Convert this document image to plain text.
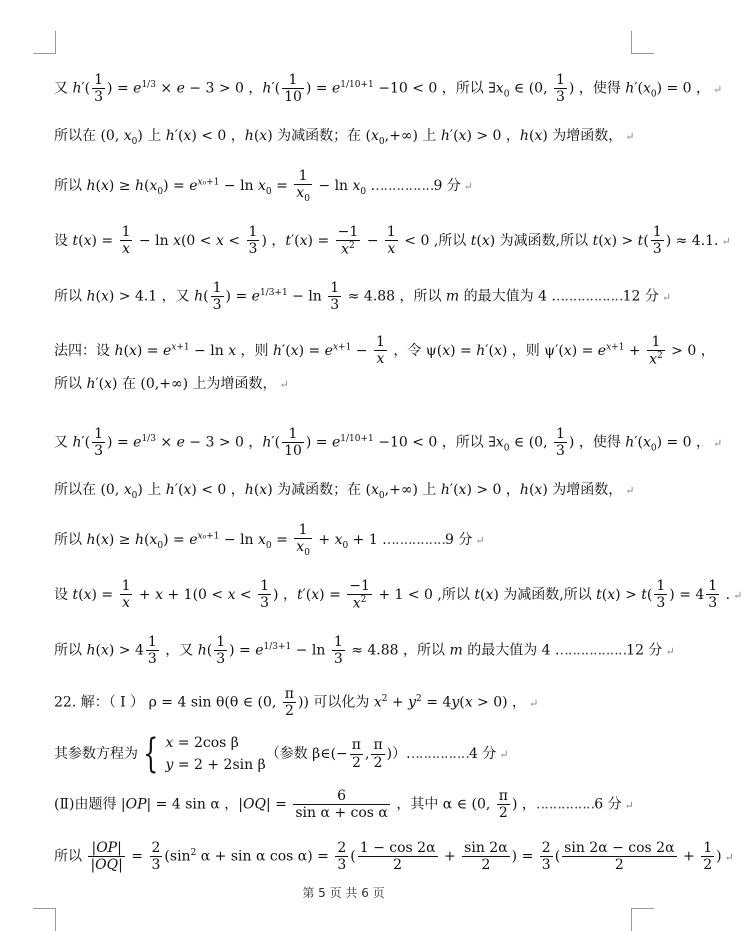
又 $h'( \frac{1}{3}$ ) = $e^{1/3} \times e - 3 > 0$ ，$h'( \frac{1}{10}$ ) = $e^{1/10+1} -10 < 0$ ，所以 $\exists x_0$ ∈ (0, $\frac{1}{3}$ ) ，使得 $h'(x_0) = 0$ ， ↵
所以在 (0, $x_0$) 上 h′(x) < 0 ，h(x) 为减函数；在 $(x_0,+\infty)$ 上 h′(x) > 0 ，h(x) 为增函数， ↵
所以 $h(x) \ge h(x_0) = e^{x_0+1} - \ln x_0 = \frac{1}{x_0} - \ln x_0$ .‥‥‥‥‥‥‥9 分 ↵
设 $t(x) = \frac{1}{x} - \ln x(0 < x < \frac{1}{3}$ ) ，$t'(x) = \frac{-1}{x^2} - \frac{1}{x} < 0$ ,所以 t(x) 为减函数,所以 $t(x) > t( \frac{1}{3}$ ) ≈ 4.1. ↵
所以 h(x) > 4.1 ，又 $h( \frac{1}{3}$ ) = $e^{1/3+1} - \ln \frac{1}{3} \approx 4.88$ ，所以 m 的最大值为 4 .‥‥‥‥‥‥‥‥12 分 ↵
法四：设 $h(x) = e^{x+1} - \ln x$ ，则 $h'(x) = e^{x+1} - \frac{1}{x}$ ，令 ψ(x) = h′(x) ，则 $\psi'(x) = e^{x+1} + \frac{1}{x^2} > 0$ ，
所以 h′(x) 在 (0,+∞) 上为增函数， ↵
又 $h'( \frac{1}{3}$ ) = $e^{1/3} \times e - 3 > 0$ ，$h'( \frac{1}{10}$ ) = $e^{1/10+1} -10 < 0$ ，所以 $\exists x_0$ ∈ (0, $\frac{1}{3}$ ) ，使得 $h'(x_0) = 0$ ， ↵
所以在 (0, $x_0$) 上 h′(x) < 0 ，h(x) 为减函数；在 $(x_0,+\infty)$ 上 h′(x) > 0 ，h(x) 为增函数， ↵
所以 $h(x) \ge h(x_0) = e^{x_0+1} - \ln x_0 = \frac{1}{x_0} + x_0 + 1$ .‥‥‥‥‥‥‥9 分 ↵
设 $t(x) = \frac{1}{x} + x + 1(0 < x < \frac{1}{3}$ ) ，$t'(x) = \frac{-1}{x^2} + 1 < 0$ ,所以 t(x) 为减函数,所以 $t(x) > t( \frac{1}{3}$ ) = $4 \frac{1}{3}$ . ↵
所以 $h(x) > 4 \frac{1}{3}$ ，又 $h( \frac{1}{3}$ ) = $e^{1/3+1} - \ln \frac{1}{3} \approx 4.88$ ，所以 m 的最大值为 4 .‥‥‥‥‥‥‥‥12 分 ↵
22. 解：（ Ⅰ ） ρ = 4 sin θ(θ ∈ (0, $\frac{\pi}{2}$ )) 可以化为 $x^2 + y^2 = 4y(x > 0)$ ， ↵
其参数方程为 { x = 2cos β
y = 2 + 2sin β
（参数 β∈(− $\frac{\pi}{2}$ , $\frac{\pi}{2}$ )）.‥‥‥‥‥‥‥4 分 ↵
(Ⅱ)由题得 |OP| = 4 sin α ，$|OQ| = \frac{6}{\text{sin α + cos α}}$ ，其中 α ∈ (0, $\frac{\pi}{2}$ ) ，‥‥‥‥‥‥‥6 分 ↵
所以 $\frac{|OP|}{|OQ|} = \frac{2}{3} (\sin^2$ α + sin α $\cos \alpha) = \frac{2}{3}$ ( $\frac{1 - \cos 2\alpha}{2} + \frac{\sin 2\alpha}{2}$ ) = $\frac{2}{3}$ ( $\frac{\sin 2\alpha - \cos 2\alpha}{2} + \frac{1}{2}$ ) ↵
第 5 页 共 6 页
